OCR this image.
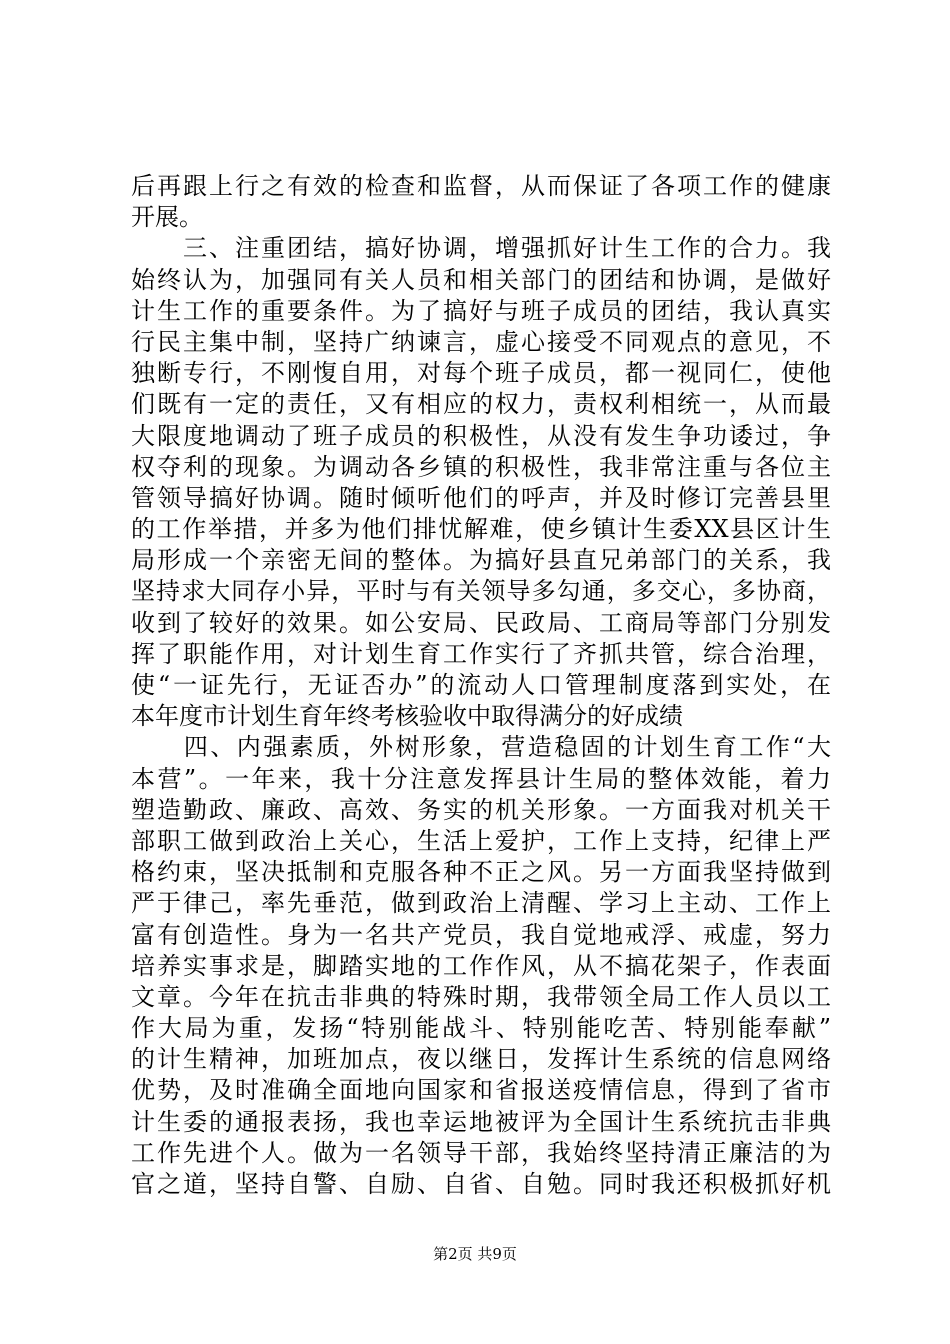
后再跟上行之有效的检查和监督，从而保证了各项工作的健康
开展。
　　三、注重团结，搞好协调，增强抓好计生工作的合力。我
始终认为，加强同有关人员和相关部门的团结和协调，是做好
计生工作的重要条件。为了搞好与班子成员的团结，我认真实
行民主集中制，坚持广纳谏言，虚心接受不同观点的意见，不
独断专行，不刚愎自用，对每个班子成员，都一视同仁，使他
们既有一定的责任，又有相应的权力，责权利相统一，从而最
大限度地调动了班子成员的积极性，从没有发生争功诿过，争
权夺利的现象。为调动各乡镇的积极性，我非常注重与各位主
管领导搞好协调。随时倾听他们的呼声，并及时修订完善县里
的工作举措，并多为他们排忧解难，使乡镇计生委XX县区计生
局形成一个亲密无间的整体。为搞好县直兄弟部门的关系，我
坚持求大同存小异，平时与有关领导多勾通，多交心，多协商，
收到了较好的效果。如公安局、民政局、工商局等部门分别发
挥了职能作用，对计划生育工作实行了齐抓共管，综合治理，
使“一证先行，无证否办”的流动人口管理制度落到实处，在
本年度市计划生育年终考核验收中取得满分的好成绩
　　四、内强素质，外树形象，营造稳固的计划生育工作“大
本营”。一年来，我十分注意发挥县计生局的整体效能，着力
塑造勤政、廉政、高效、务实的机关形象。一方面我对机关干
部职工做到政治上关心，生活上爱护，工作上支持，纪律上严
格约束，坚决抵制和克服各种不正之风。另一方面我坚持做到
严于律己，率先垂范，做到政治上清醒、学习上主动、工作上
富有创造性。身为一名共产党员，我自觉地戒浮、戒虚，努力
培养实事求是，脚踏实地的工作作风，从不搞花架子，作表面
文章。今年在抗击非典的特殊时期，我带领全局工作人员以工
作大局为重，发扬“特别能战斗、特别能吃苦、特别能奉献”
的计生精神，加班加点，夜以继日，发挥计生系统的信息网络
优势，及时准确全面地向国家和省报送疫情信息，得到了省市
计生委的通报表扬，我也幸运地被评为全国计生系统抗击非典
工作先进个人。做为一名领导干部，我始终坚持清正廉洁的为
官之道，坚持自警、自励、自省、自勉。同时我还积极抓好机
第2页 共9页
